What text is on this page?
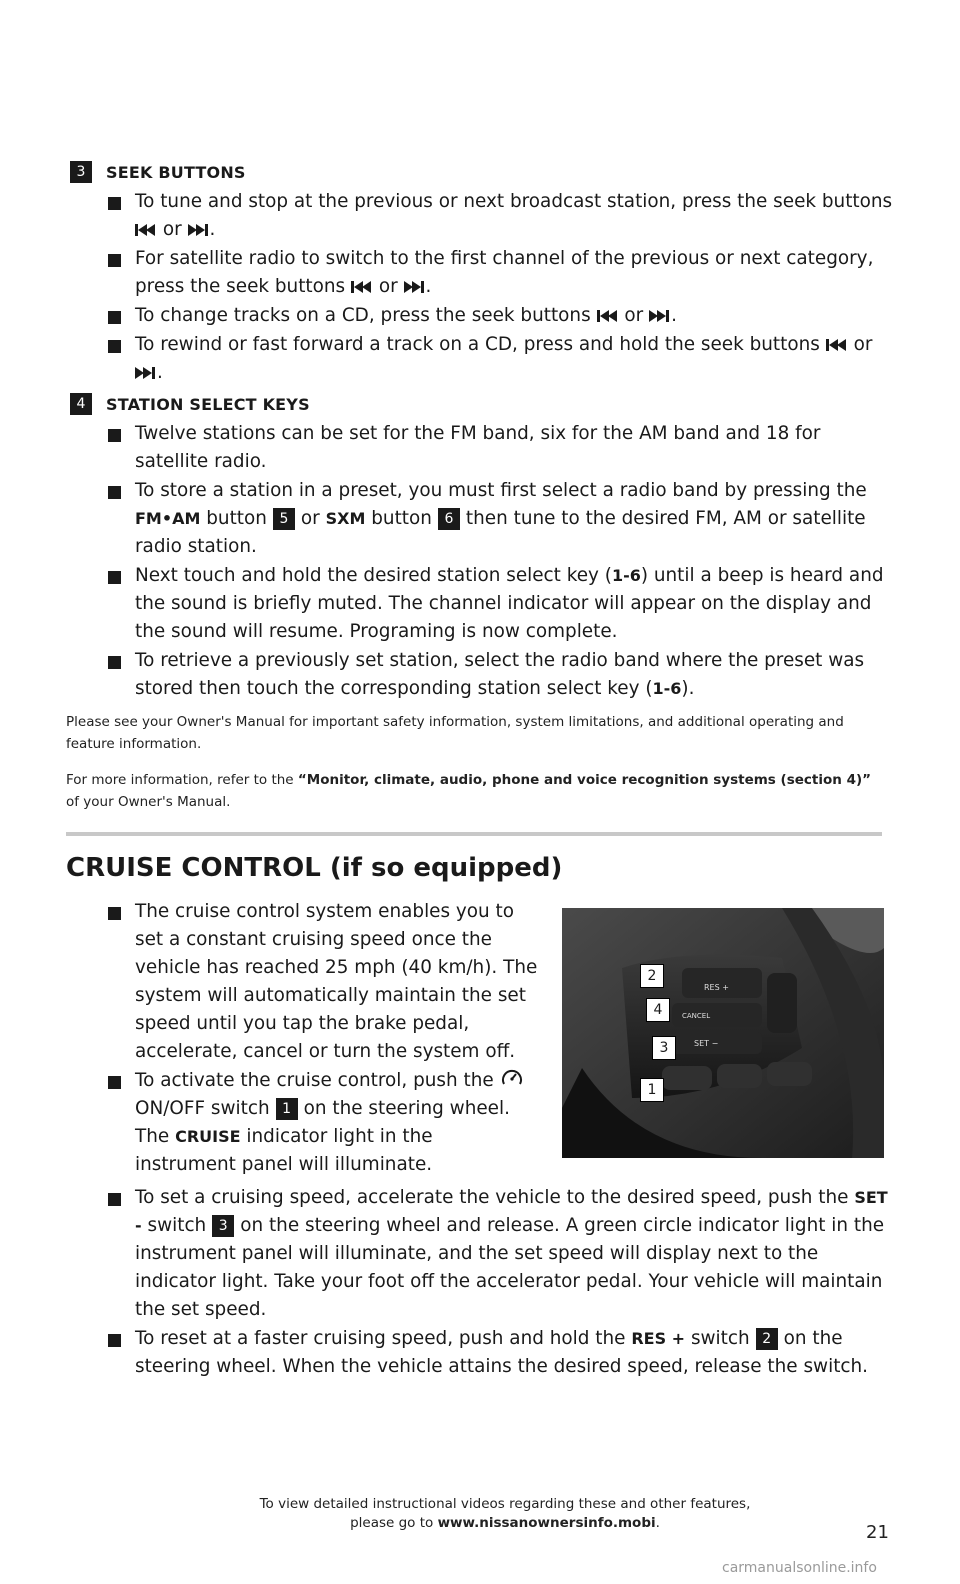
3	SEEK BUTTONS
To tune and stop at the previous or next broadcast station, press the seek buttons  or .
For satellite radio to switch to the first channel of the previous or next category, press the seek buttons or .
To change tracks on a CD, press the seek buttons or .
To rewind or fast forward a track on a CD, press and hold the seek buttons or .
4	STATION SELECT KEYS
Twelve stations can be set for the FM band, six for the AM band and 18 for satellite radio.
To store a station in a preset, you must first select a radio band by pressing the FM•AM button 5 or SXM button 6 then tune to the desired FM, AM or satellite radio station.
Next touch and hold the desired station select key (1-6) until a beep is heard and the sound is briefly muted. The channel indicator will appear on the display and the sound will resume. Programing is now complete.
To retrieve a previously set station, select the radio band where the preset was stored then touch the corresponding station select key (1-6).

Please see your Owner's Manual for important safety information, system limitations, and additional operating and feature information.

For more information, refer to the “Monitor, climate, audio, phone and voice recognition systems (section 4)” of your Owner's Manual.

CRUISE CONTROL (if so equipped)
The cruise control system enables you to set a constant cruising speed once the vehicle has reached 25 mph (40 km/h). The system will automatically maintain the set speed until you tap the brake pedal, accelerate, cancel or turn the system off.
To activate the cruise control, push the ON/OFF switch 1 on the steering wheel. The CRUISE indicator light in the instrument panel will illuminate.
To set a cruising speed, accelerate the vehicle to the desired speed, push the SET - switch 3 on the steering wheel and release. A green circle indicator light in the instrument panel will illuminate, and the set speed will display next to the indicator light. Take your foot off the accelerator pedal. Your vehicle will maintain the set speed.
To reset at a faster cruising speed, push and hold the RES + switch 2 on the steering wheel. When the vehicle attains the desired speed, release the switch.
RES +
CANCEL
SET −
2
4
3
1
To view detailed instructional videos regarding these and other features,
please go to www.nissanownersinfo.mobi.	21
carmanualsonline.info
